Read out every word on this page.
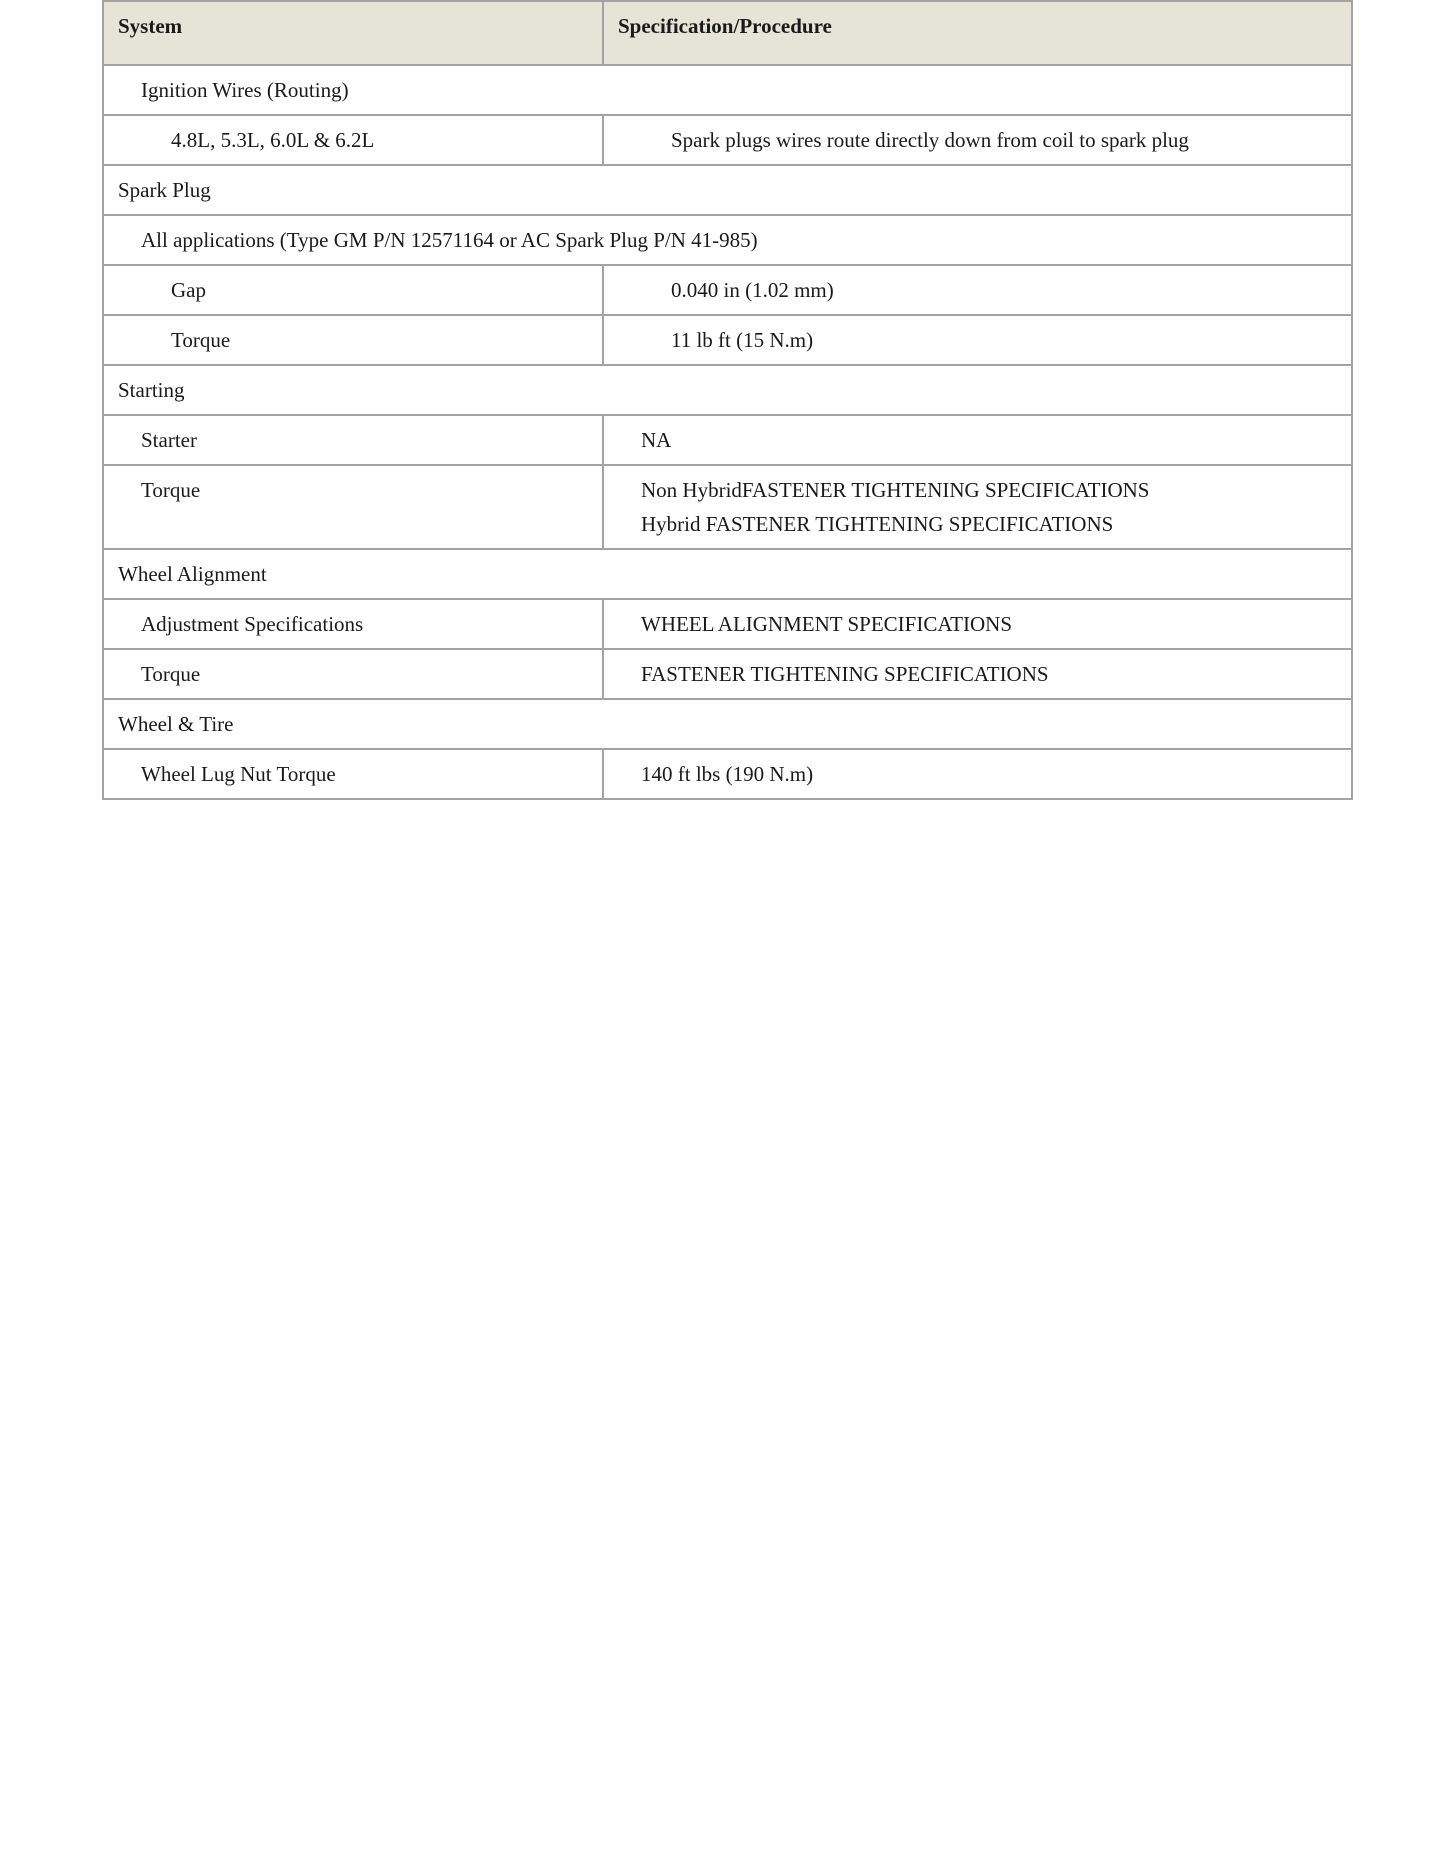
System	Specification/Procedure
Ignition Wires (Routing)	
4.8L, 5.3L, 6.0L & 6.2L	Spark plugs wires route directly down from coil to spark plug
Spark Plug	
All applications (Type GM P/N 12571164 or AC Spark Plug P/N 41-985)	
Gap	0.040 in (1.02 mm)
Torque	11 lb ft (15 N.m)
Starting	
Starter	NA
Torque	Non HybridFASTENER TIGHTENING SPECIFICATIONS
Hybrid FASTENER TIGHTENING SPECIFICATIONS

Wheel Alignment	
Adjustment Specifications	WHEEL ALIGNMENT SPECIFICATIONS
Torque	FASTENER TIGHTENING SPECIFICATIONS
Wheel & Tire	
Wheel Lug Nut Torque	140 ft lbs (190 N.m)
